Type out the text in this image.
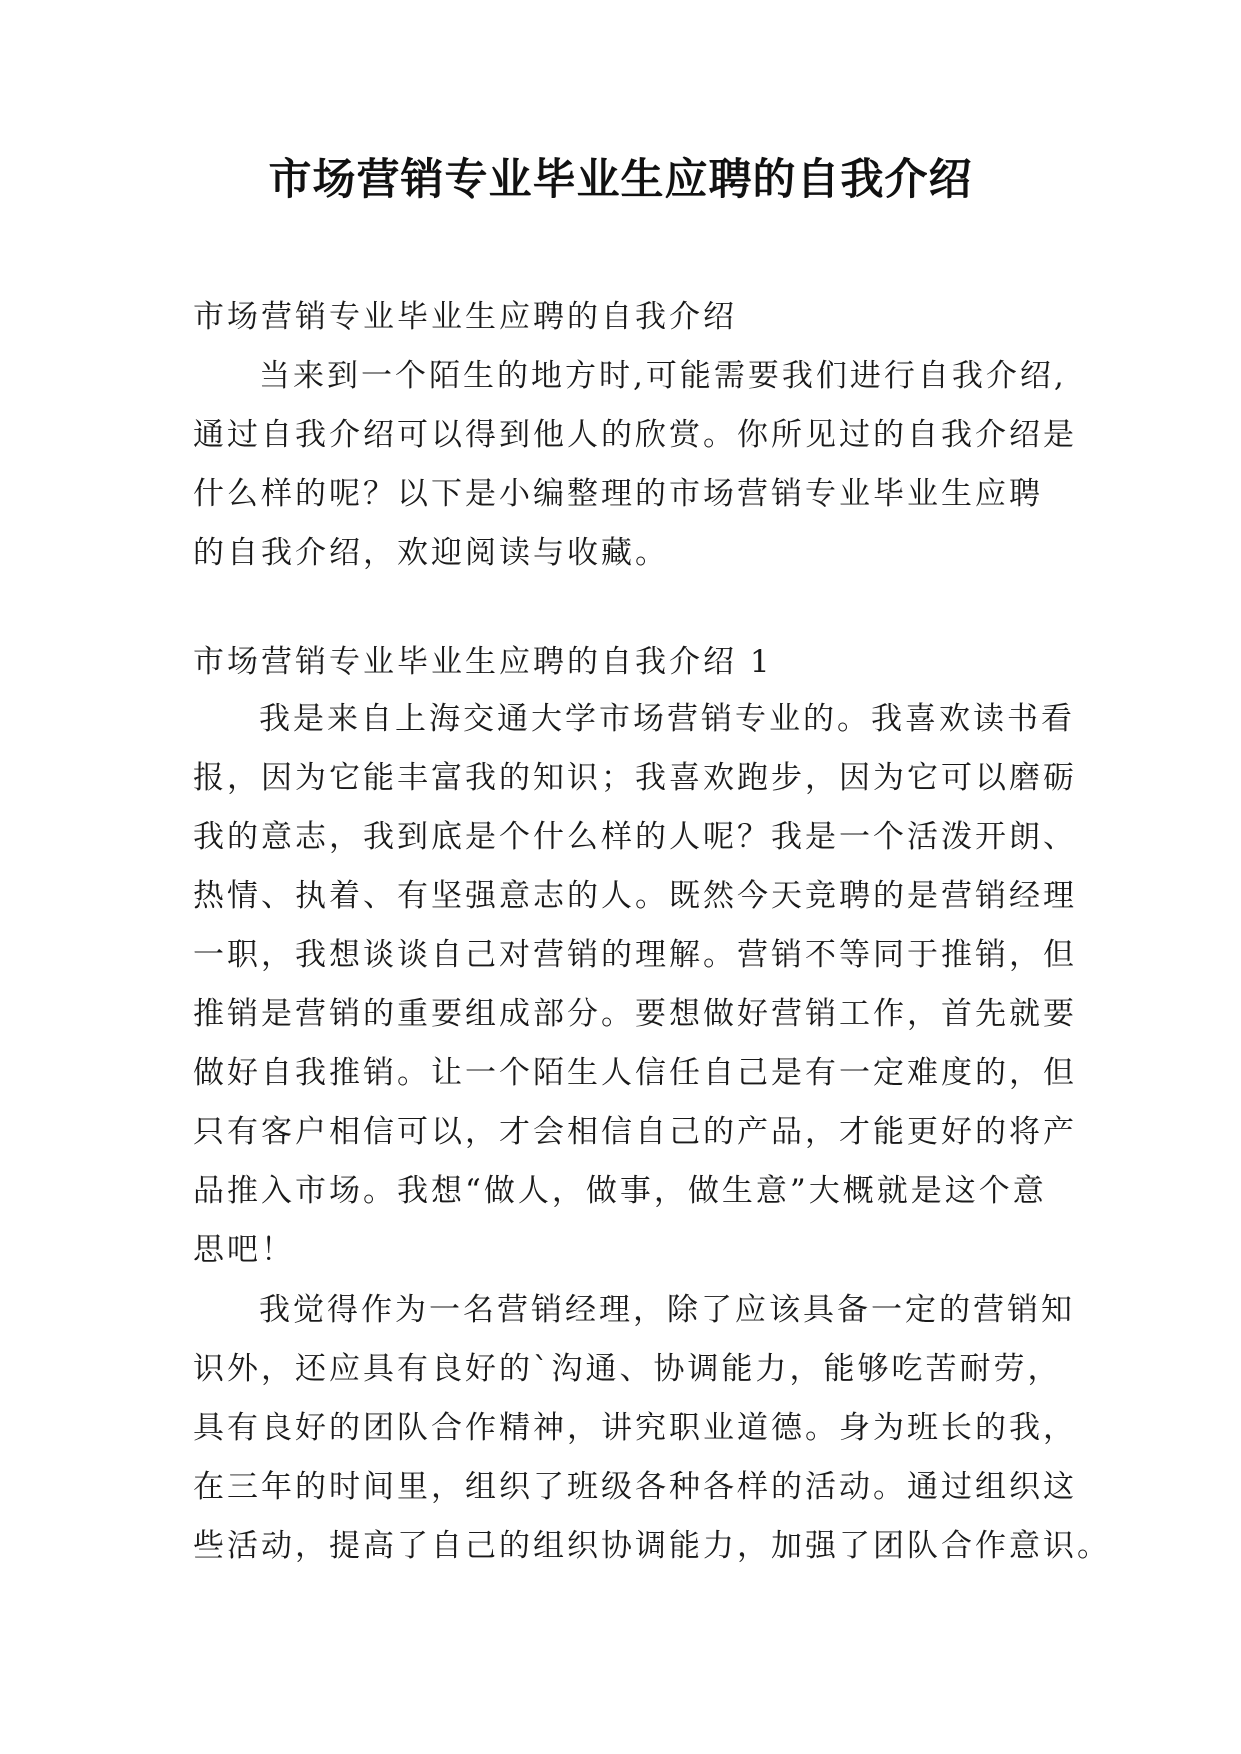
市场营销专业毕业生应聘的自我介绍

市场营销专业毕业生应聘的自我介绍

当来到一个陌生的地方时,可能需要我们进行自我介绍,
通过自我介绍可以得到他人的欣赏。你所见过的自我介绍是
什么样的呢？以下是小编整理的市场营销专业毕业生应聘
的自我介绍，欢迎阅读与收藏。

市场营销专业毕业生应聘的自我介绍 1

我是来自上海交通大学市场营销专业的。我喜欢读书看
报，因为它能丰富我的知识；我喜欢跑步，因为它可以磨砺
我的意志，我到底是个什么样的人呢？我是一个活泼开朗、
热情、执着、有坚强意志的人。既然今天竞聘的是营销经理
一职，我想谈谈自己对营销的理解。营销不等同于推销，但
推销是营销的重要组成部分。要想做好营销工作，首先就要
做好自我推销。让一个陌生人信任自己是有一定难度的，但
只有客户相信可以，才会相信自己的产品，才能更好的将产
品推入市场。我想“做人，做事，做生意”大概就是这个意
思吧！

我觉得作为一名营销经理，除了应该具备一定的营销知
识外，还应具有良好的`沟通、协调能力，能够吃苦耐劳，
具有良好的团队合作精神，讲究职业道德。身为班长的我，
在三年的时间里，组织了班级各种各样的活动。通过组织这
些活动，提高了自己的组织协调能力，加强了团队合作意识。
